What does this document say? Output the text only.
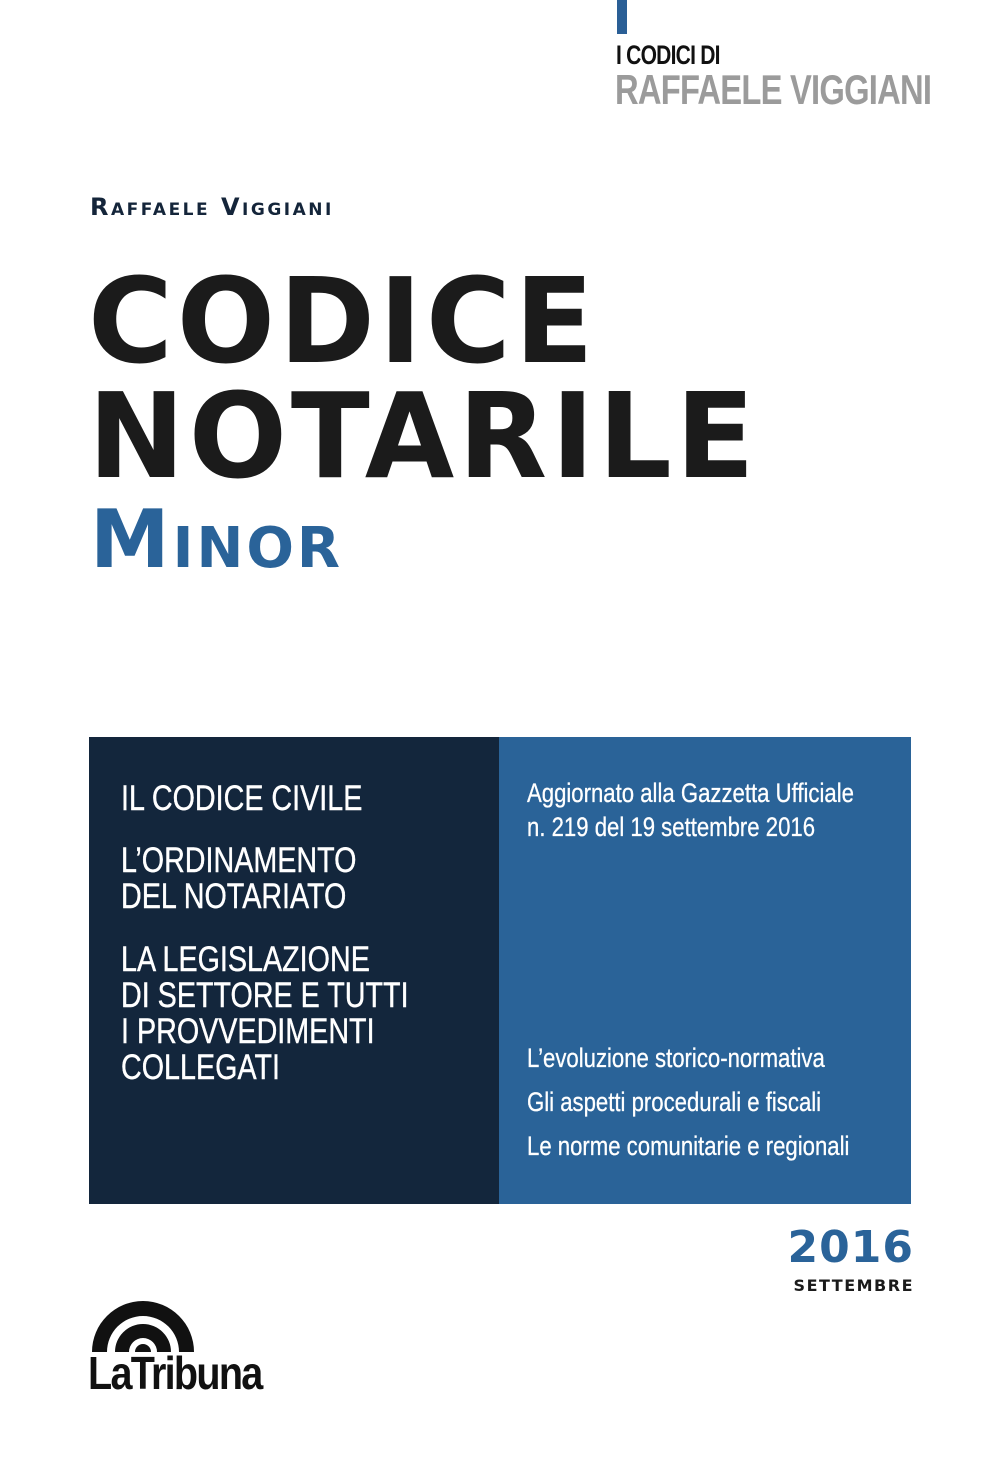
I CODICI DI
RAFFAELE VIGGIANI
Raffaele Viggiani
CODICE
NOTARILE
Minor
IL CODICE CIVILE
L’ORDINAMENTO
DEL NOTARIATO
LA LEGISLAZIONE
DI SETTORE E TUTTI
I PROVVEDIMENTI
COLLEGATI
Aggiornato alla Gazzetta Ufficiale
n. 219 del 19 settembre 2016
L’evoluzione storico-normativa
Gli aspetti procedurali e fiscali
Le norme comunitarie e regionali
2016
SETTEMBRE
LaTribuna
